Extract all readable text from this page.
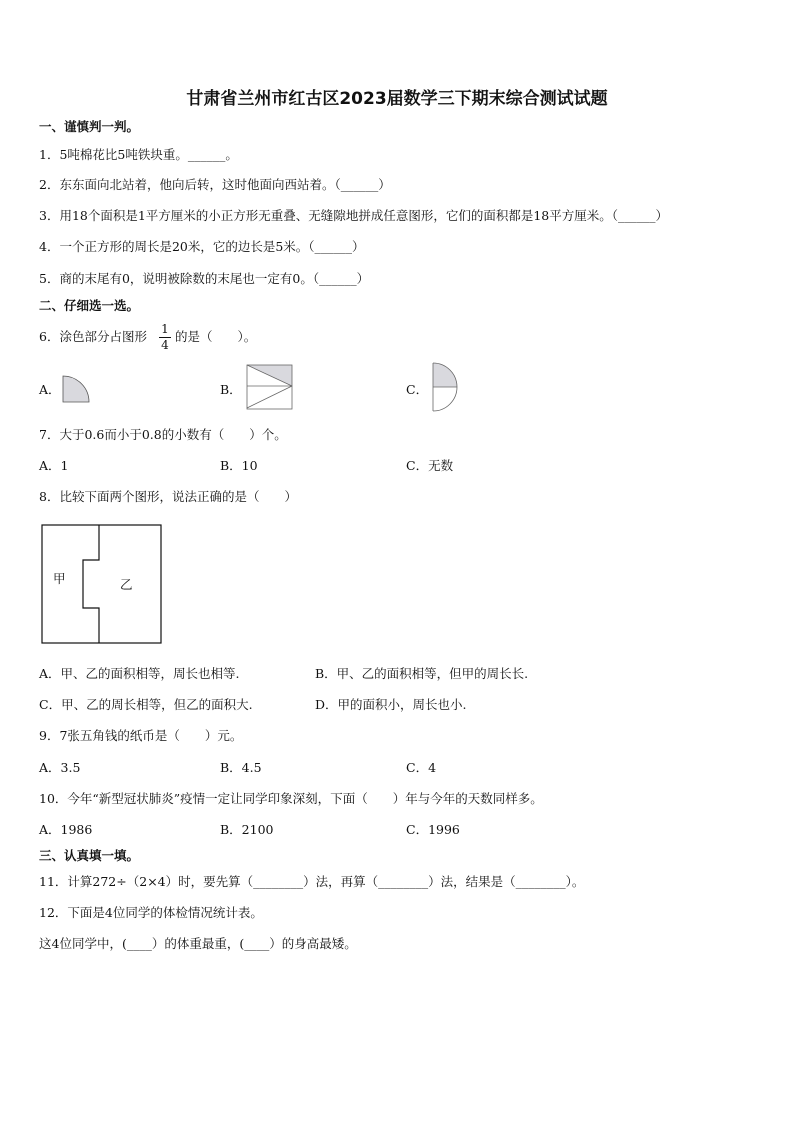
甘肃省兰州市红古区2023届数学三下期末综合测试试题
一、谨慎判一判。
1．5吨棉花比5吨铁块重。______。
2．东东面向北站着，他向后转，这时他面向西站着。（______）
3．用18个面积是1平方厘米的小正方形无重叠、无缝隙地拼成任意图形，它们的面积都是18平方厘米。（______）
4．一个正方形的周长是20米，它的边长是5米。（______）
5．商的末尾有0，说明被除数的末尾也一定有0。（______）
二、仔细选一选。
6．涂色部分占图形 1
4
的是（　　）。
A．	B．	C．
7．大于0.6而小于0.8的小数有（　　）个。
A．1	B．10	C．无数
8．比较下面两个图形，说法正确的是（　　）
甲	乙
A．甲、乙的面积相等，周长也相等.	B．甲、乙的面积相等，但甲的周长长.
C．甲、乙的周长相等，但乙的面积大.	D．甲的面积小，周长也小.
9．7张五角钱的纸币是（　　）元。
A．3.5	B．4.5	C．4
10．今年“新型冠状肺炎”疫情一定让同学印象深刻，下面（　　）年与今年的天数同样多。
A．1986	B．2100	C．1996
三、认真填一填。
11．计算272÷（2×4）时，要先算（________）法，再算（________）法，结果是（________）。
12．下面是4位同学的体检情况统计表。
这4位同学中，(____）的体重最重，(____）的身高最矮。
